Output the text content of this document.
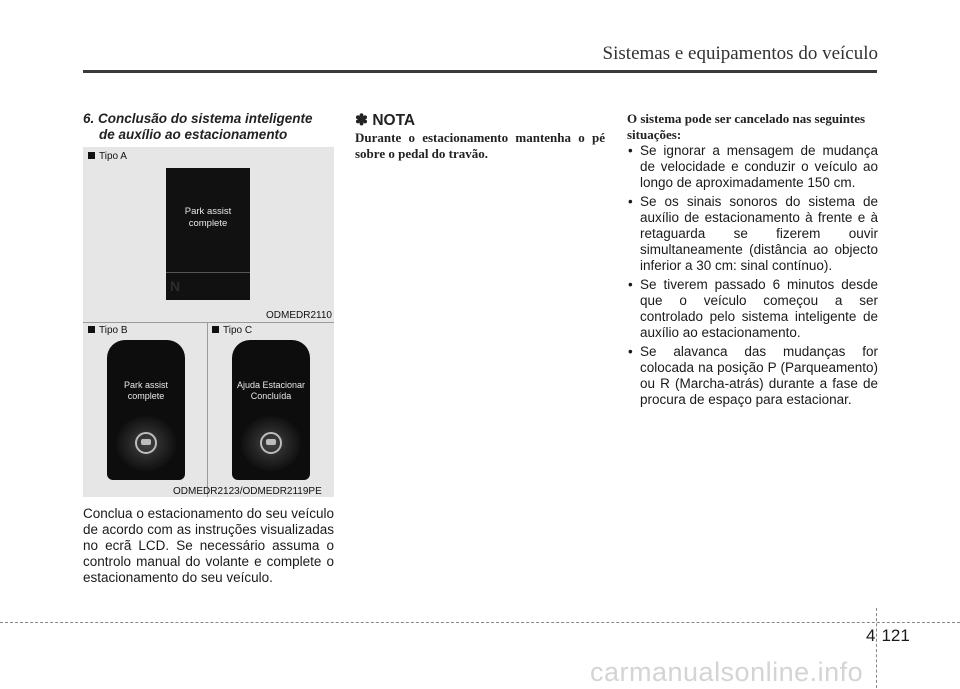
Sistemas e equipamentos do veículo
6. Conclusão do sistema inteligente
de auxílio ao estacionamento
Tipo A
Park assist
complete
N
ODMEDR2110
Tipo B	Tipo C
Park assist
complete
Ajuda Estacionar
Concluída
ODMEDR2123/ODMEDR2119PE
Conclua o estacionamento do seu veículo de acordo com as instruções visualizadas no ecrã LCD. Se necessário assuma o controlo manual do volante e complete o estacionamento do seu veículo.
✽ NOTA
Durante o estacionamento mantenha o pé sobre o pedal do travão.
O sistema pode ser cancelado nas seguintes situações:
• Se ignorar a mensagem de mudança de velocidade e conduzir o veículo ao longo de aproximadamente 150 cm.
• Se os sinais sonoros do sistema de auxílio de estacionamento à frente e à retaguarda se fizerem ouvir simultaneamente (distância ao objecto inferior a 30 cm: sinal contínuo).
• Se tiverem passado 6 minutos desde que o veículo começou a ser controlado pelo sistema inteligente de auxílio ao estacionamento.
• Se alavanca das mudanças for colocada na posição P (Parqueamento) ou R (Marcha-atrás) durante a fase de procura de espaço para estacionar.
4 121
carmanualsonline.info
